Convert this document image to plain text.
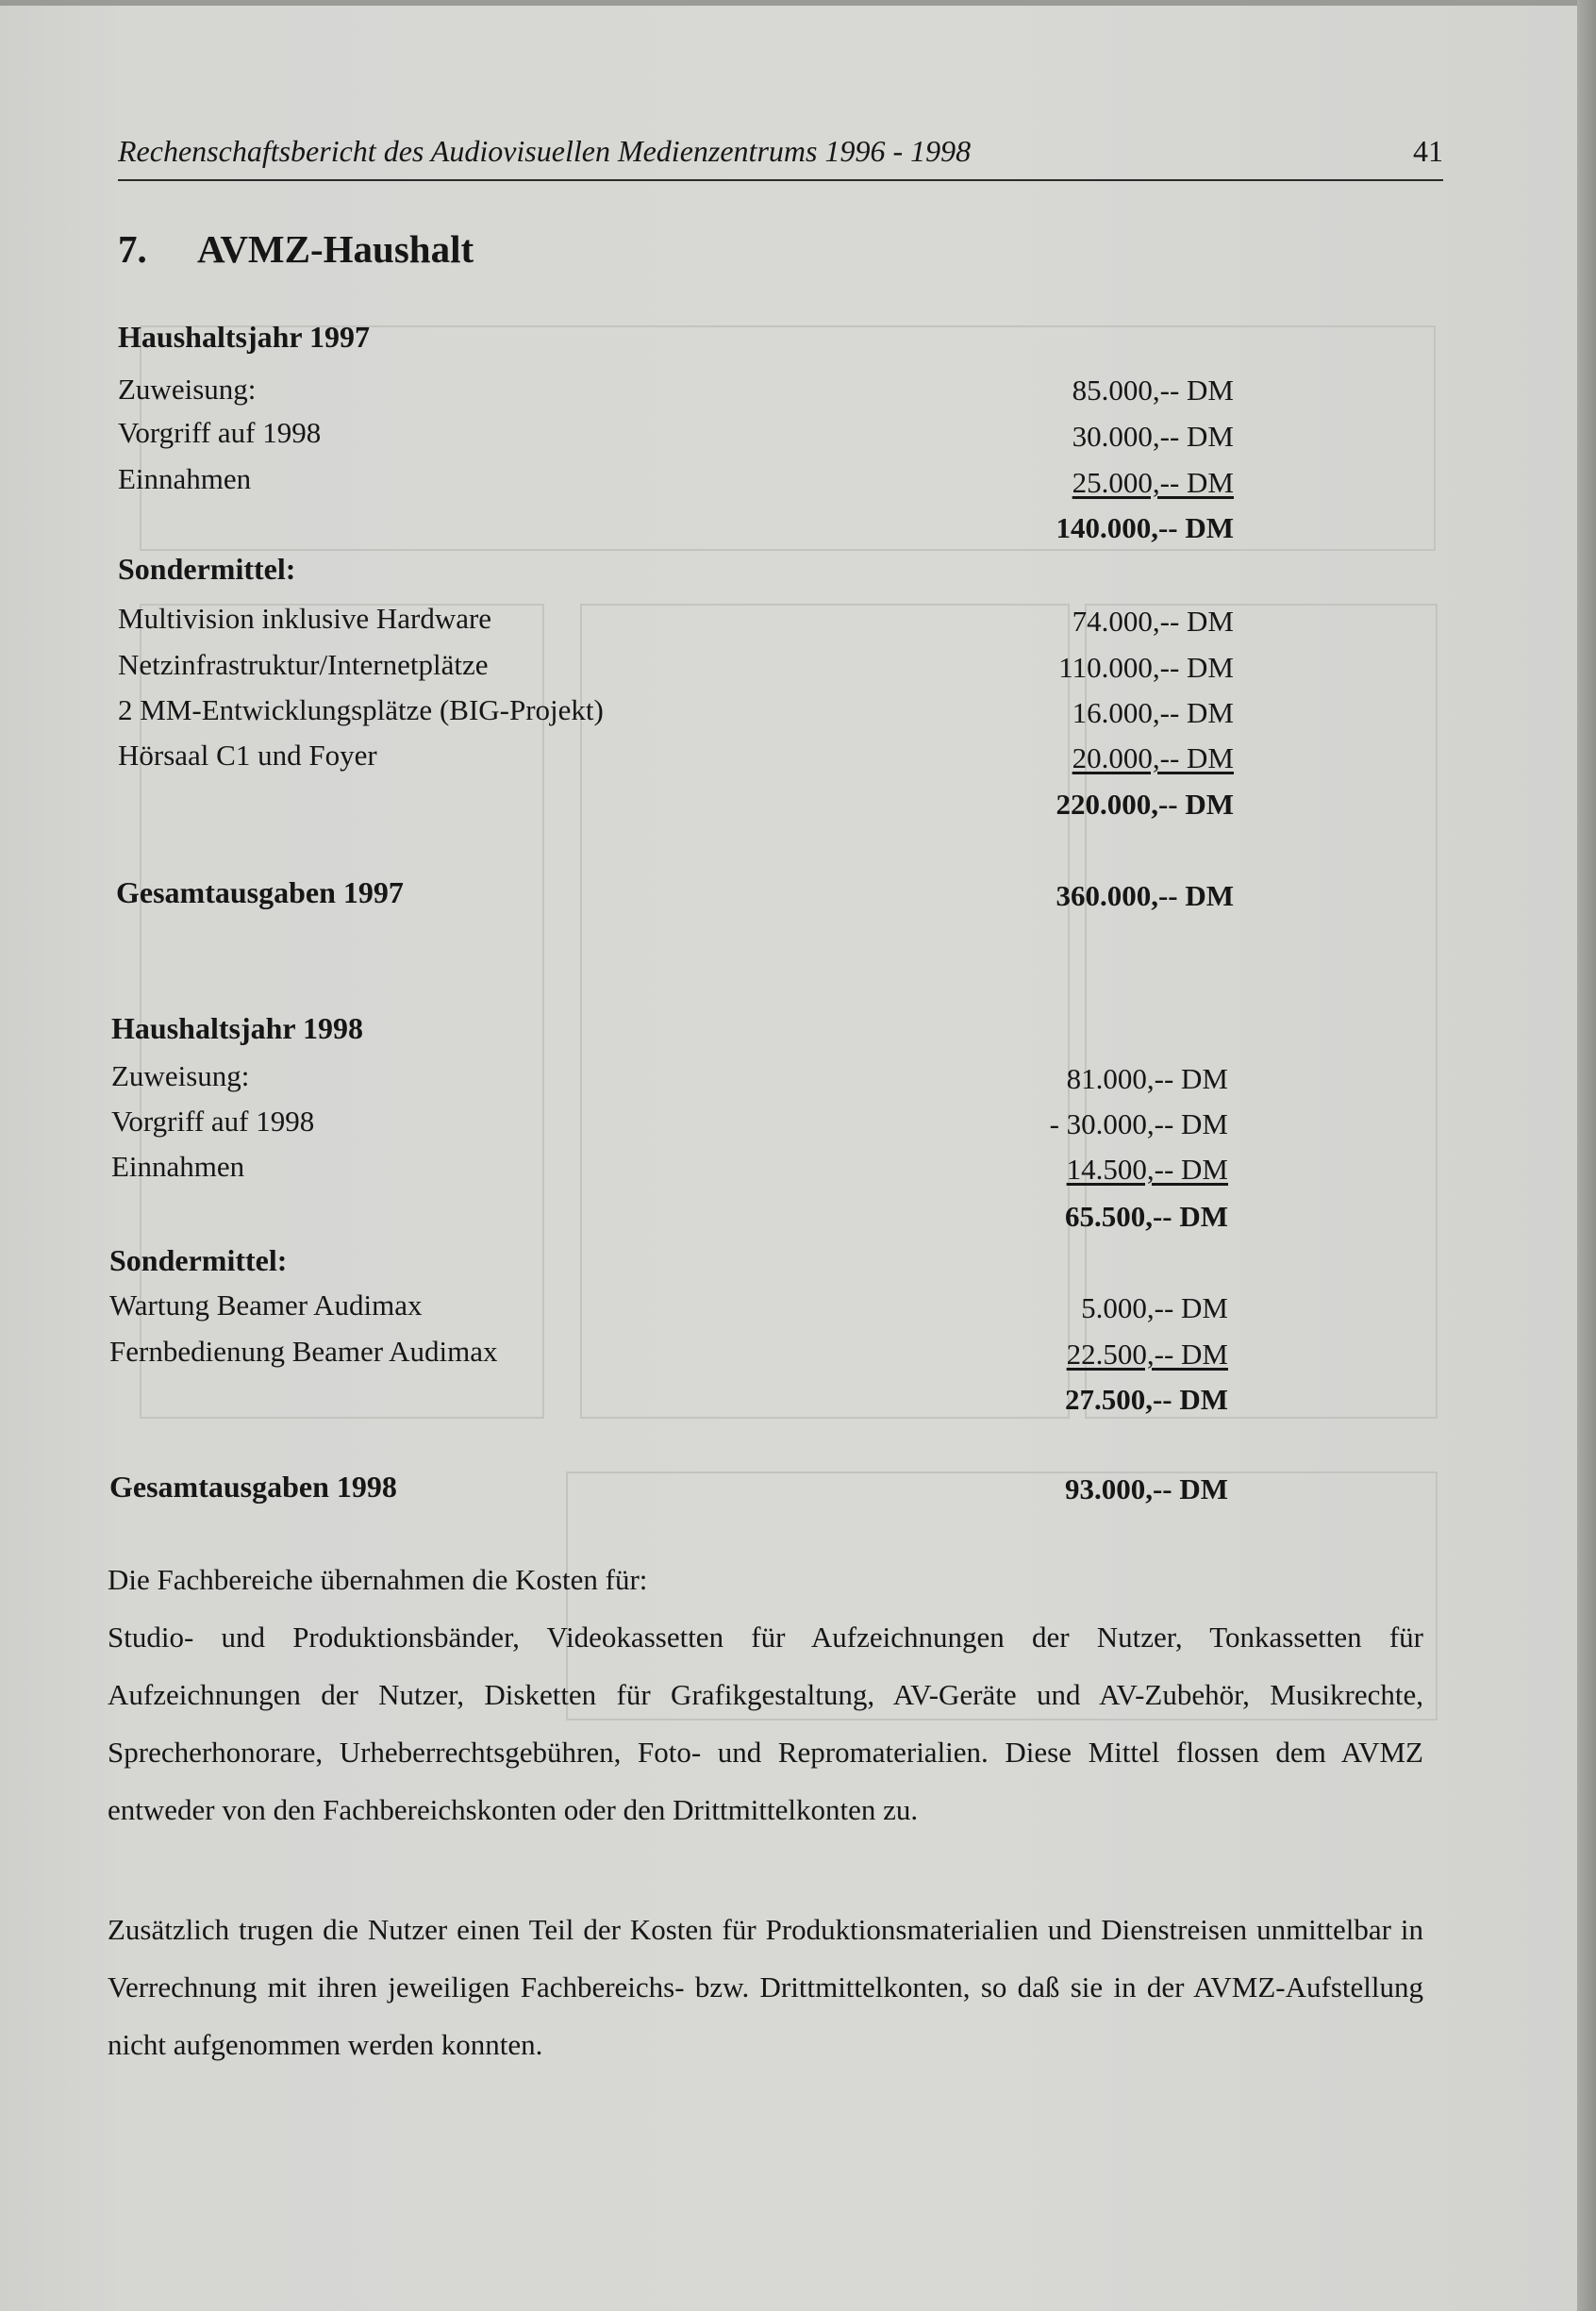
Rechenschaftsbericht des Audiovisuellen Medienzentrums 1996 - 1998	41
7. AVMZ-Haushalt
Haushaltsjahr 1997
Zuweisung:	85.000,-- DM
Vorgriff auf 1998	30.000,-- DM
Einnahmen	25.000,-- DM
140.000,-- DM
Sondermittel:
Multivision inklusive Hardware	74.000,-- DM
Netzinfrastruktur/Internetplätze	110.000,-- DM
2 MM-Entwicklungsplätze (BIG-Projekt)	16.000,-- DM
Hörsaal C1 und Foyer	20.000,-- DM
220.000,-- DM
Gesamtausgaben 1997	360.000,-- DM
Haushaltsjahr 1998
Zuweisung:	81.000,-- DM
Vorgriff auf 1998	- 30.000,-- DM
Einnahmen	14.500,-- DM
65.500,-- DM
Sondermittel:
Wartung Beamer Audimax	5.000,-- DM
Fernbedienung Beamer Audimax	22.500,-- DM
27.500,-- DM
Gesamtausgaben 1998	93.000,-- DM
Die Fachbereiche übernahmen die Kosten für:
Studio- und Produktionsbänder, Videokassetten für Aufzeichnungen der Nutzer, Tonkassetten für Aufzeichnungen der Nutzer, Disketten für Grafikgestaltung, AV-Geräte und AV-Zubehör, Musikrechte, Sprecherhonorare, Urheberrechtsgebühren, Foto- und Repromaterialien. Diese Mittel flossen dem AVMZ entweder von den Fachbereichskonten oder den Drittmittelkonten zu.
Zusätzlich trugen die Nutzer einen Teil der Kosten für Produktionsmaterialien und Dienstreisen unmittelbar in Verrechnung mit ihren jeweiligen Fachbereichs- bzw. Drittmittelkonten, so daß sie in der AVMZ-Aufstellung nicht aufgenommen werden konnten.
